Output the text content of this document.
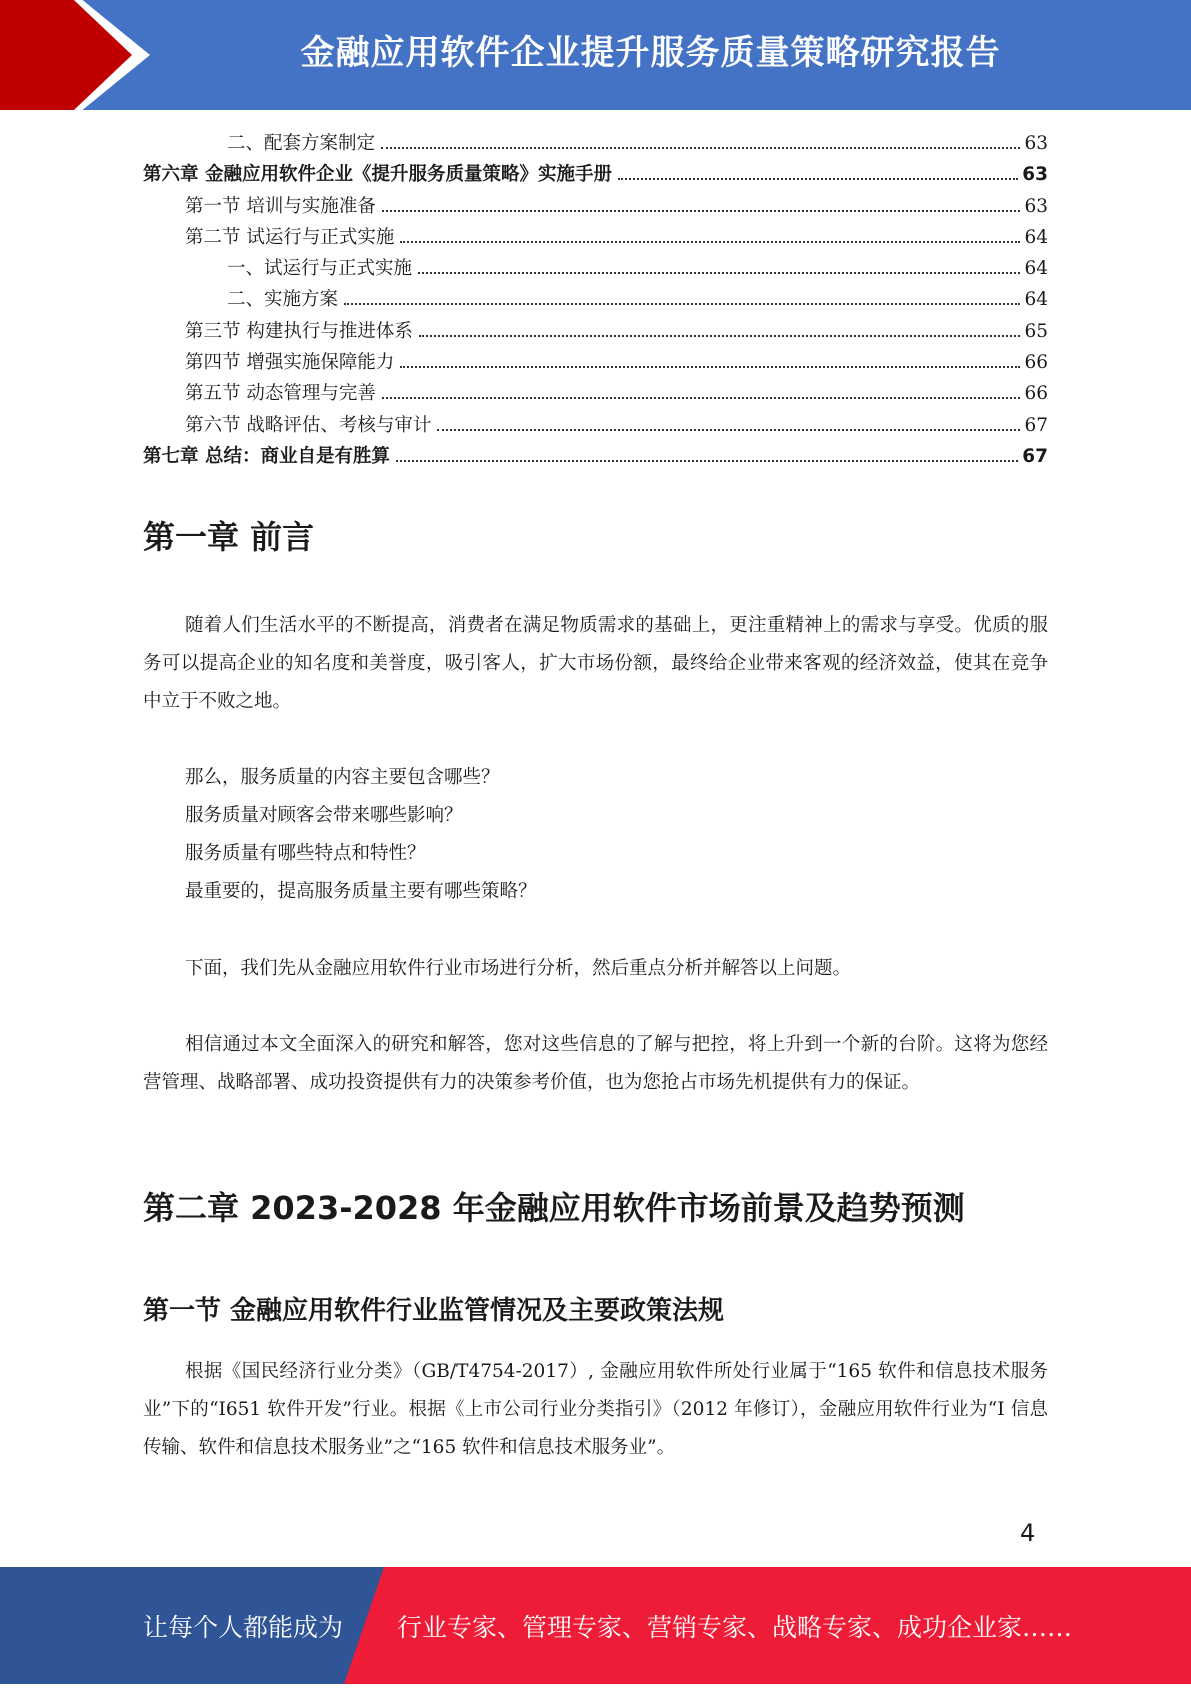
金融应用软件企业提升服务质量策略研究报告
二、配套方案制定	63
第六章 金融应用软件企业《提升服务质量策略》实施手册	63
第一节 培训与实施准备	63
第二节 试运行与正式实施	64
一、试运行与正式实施	64
二、实施方案	64
第三节 构建执行与推进体系	65
第四节 增强实施保障能力	66
第五节 动态管理与完善	66
第六节 战略评估、考核与审计	67
第七章 总结：商业自是有胜算	67
第一章 前言

随着人们生活水平的不断提高，消费者在满足物质需求的基础上，更注重精神上的需求与享受。优质的服务可以提高企业的知名度和美誉度，吸引客人，扩大市场份额，最终给企业带来客观的经济效益，使其在竞争中立于不败之地。

那么，服务质量的内容主要包含哪些？
服务质量对顾客会带来哪些影响？
服务质量有哪些特点和特性？
最重要的，提高服务质量主要有哪些策略？

下面，我们先从金融应用软件行业市场进行分析，然后重点分析并解答以上问题。

相信通过本文全面深入的研究和解答，您对这些信息的了解与把控，将上升到一个新的台阶。这将为您经营管理、战略部署、成功投资提供有力的决策参考价值，也为您抢占市场先机提供有力的保证。

第二章 2023-2028 年金融应用软件市场前景及趋势预测
第一节 金融应用软件行业监管情况及主要政策法规

根据《国民经济行业分类》（GB/T4754-2017）, 金融应用软件所处行业属于“165 软件和信息技术服务业”下的“I651 软件开发”行业。根据《上市公司行业分类指引》（2012 年修订），金融应用软件行业为“I 信息传输、软件和信息技术服务业”之“165 软件和信息技术服务业”。

4
让每个人都能成为 行业专家、管理专家、营销专家、战略专家、成功企业家……
